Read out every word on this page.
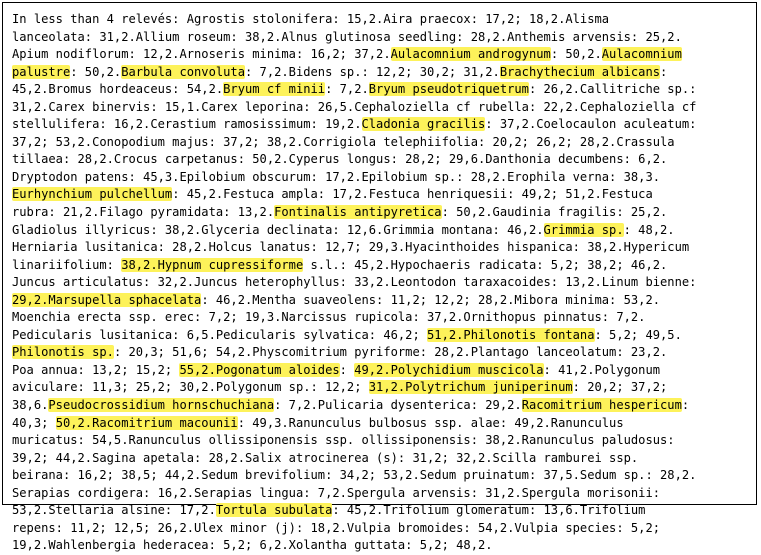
In less than 4 relevés: Agrostis stolonifera: 15,2.Aira praecox: 17,2; 18,2.Alisma
lanceolata: 31,2.Allium roseum: 38,2.Alnus glutinosa seedling: 28,2.Anthemis arvensis: 25,2.
Apium nodiflorum: 12,2.Arnoseris minima: 16,2; 37,2.Aulacomnium androgynum: 50,2.Aulacomnium
palustre: 50,2.Barbula convoluta: 7,2.Bidens sp.: 12,2; 30,2; 31,2.Brachythecium albicans:
45,2.Bromus hordeaceus: 54,2.Bryum cf minii: 7,2.Bryum pseudotriquetrum: 26,2.Callitriche sp.:
31,2.Carex binervis: 15,1.Carex leporina: 26,5.Cephaloziella cf rubella: 22,2.Cephaloziella cf
stellulifera: 16,2.Cerastium ramosissimum: 19,2.Cladonia gracilis: 37,2.Coelocaulon aculeatum:
37,2; 53,2.Conopodium majus: 37,2; 38,2.Corrigiola telephiifolia: 20,2; 26,2; 28,2.Crassula
tillaea: 28,2.Crocus carpetanus: 50,2.Cyperus longus: 28,2; 29,6.Danthonia decumbens: 6,2.
Dryptodon patens: 45,3.Epilobium obscurum: 17,2.Epilobium sp.: 28,2.Erophila verna: 38,3.
Eurhynchium pulchellum: 45,2.Festuca ampla: 17,2.Festuca henriquesii: 49,2; 51,2.Festuca
rubra: 21,2.Filago pyramidata: 13,2.Fontinalis antipyretica: 50,2.Gaudinia fragilis: 25,2.
Gladiolus illyricus: 38,2.Glyceria declinata: 12,6.Grimmia montana: 46,2.Grimmia sp.: 48,2.
Herniaria lusitanica: 28,2.Holcus lanatus: 12,7; 29,3.Hyacinthoides hispanica: 38,2.Hypericum
linariifolium: 38,2.Hypnum cupressiforme s.l.: 45,2.Hypochaeris radicata: 5,2; 38,2; 46,2.
Juncus articulatus: 32,2.Juncus heterophyllus: 33,2.Leontodon taraxacoides: 13,2.Linum bienne:
29,2.Marsupella sphacelata: 46,2.Mentha suaveolens: 11,2; 12,2; 28,2.Mibora minima: 53,2.
Moenchia erecta ssp. erec: 7,2; 19,3.Narcissus rupicola: 37,2.Ornithopus pinnatus: 7,2.
Pedicularis lusitanica: 6,5.Pedicularis sylvatica: 46,2; 51,2.Philonotis fontana: 5,2; 49,5.
Philonotis sp.: 20,3; 51,6; 54,2.Physcomitrium pyriforme: 28,2.Plantago lanceolatum: 23,2.
Poa annua: 13,2; 15,2; 55,2.Pogonatum aloides: 49,2.Polychidium muscicola: 41,2.Polygonum
aviculare: 11,3; 25,2; 30,2.Polygonum sp.: 12,2; 31,2.Polytrichum juniperinum: 20,2; 37,2;
38,6.Pseudocrossidium hornschuchiana: 7,2.Pulicaria dysenterica: 29,2.Racomitrium hespericum:
40,3; 50,2.Racomitrium macounii: 49,3.Ranunculus bulbosus ssp. alae: 49,2.Ranunculus
muricatus: 54,5.Ranunculus ollissiponensis ssp. ollissiponensis: 38,2.Ranunculus paludosus:
39,2; 44,2.Sagina apetala: 28,2.Salix atrocinerea (s): 31,2; 32,2.Scilla ramburei ssp.
beirana: 16,2; 38,5; 44,2.Sedum brevifolium: 34,2; 53,2.Sedum pruinatum: 37,5.Sedum sp.: 28,2.
Serapias cordigera: 16,2.Serapias lingua: 7,2.Spergula arvensis: 31,2.Spergula morisonii:
53,2.Stellaria alsine: 17,2.Tortula subulata: 45,2.Trifolium glomeratum: 13,6.Trifolium
repens: 11,2; 12,5; 26,2.Ulex minor (j): 18,2.Vulpia bromoides: 54,2.Vulpia species: 5,2;
19,2.Wahlenbergia hederacea: 5,2; 6,2.Xolantha guttata: 5,2; 48,2.
